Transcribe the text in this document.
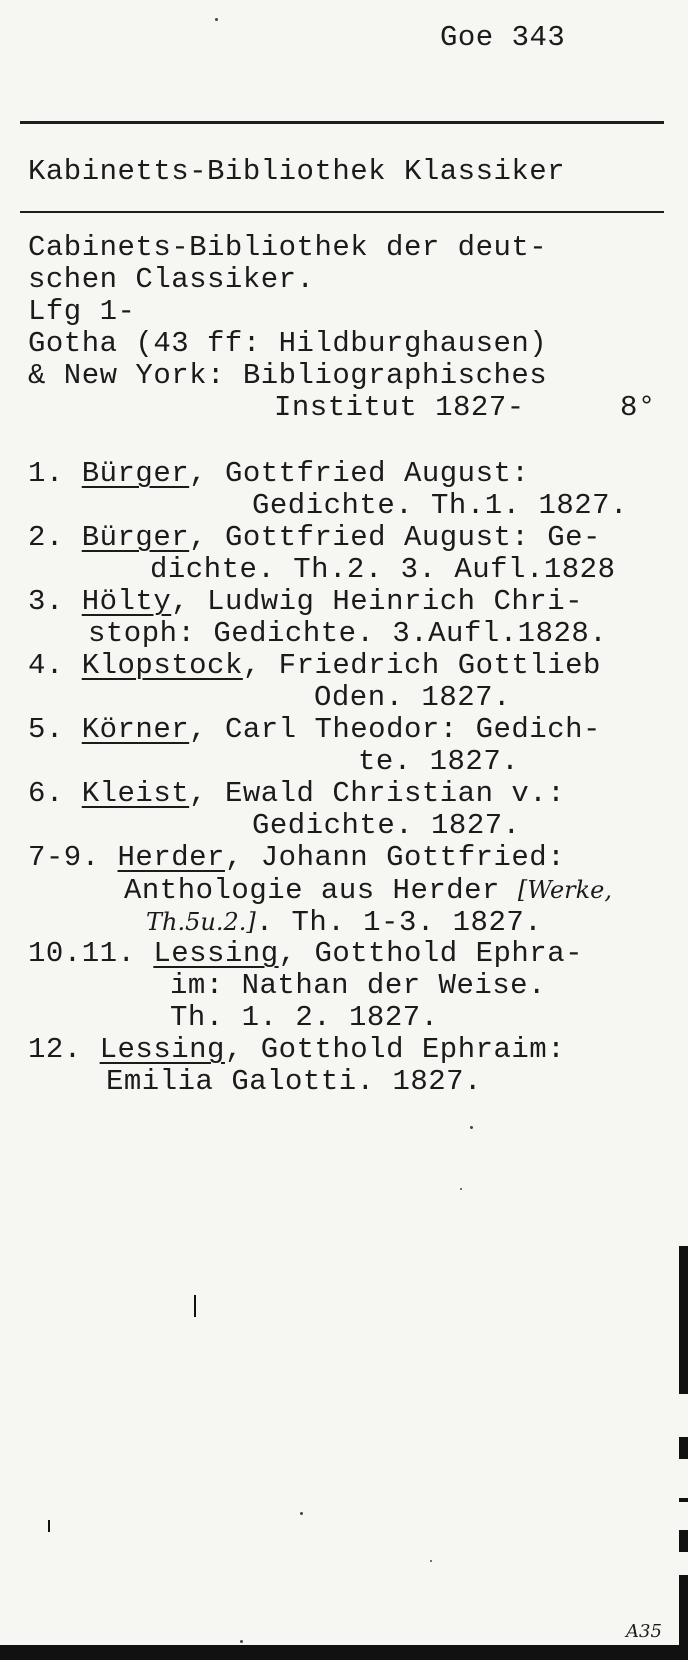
Goe 343
Kabinetts-Bibliothek Klassiker
Cabinets-Bibliothek der deut-
schen Classiker.
Lfg 1-
Gotha (43 ff: Hildburghausen)
& New York: Bibliographisches
Institut 1827-	8°
1. Bürger, Gottfried August:
Gedichte. Th.1. 1827.
2. Bürger, Gottfried August: Ge-
dichte. Th.2. 3. Aufl.1828
3. Hölty, Ludwig Heinrich Chri-
stoph: Gedichte. 3.Aufl.1828.
4. Klopstock, Friedrich Gottlieb
Oden. 1827.
5. Körner, Carl Theodor: Gedich-
te. 1827.
6. Kleist, Ewald Christian v.:
Gedichte. 1827.
7-9. Herder, Johann Gottfried:
Anthologie aus Herder [Werke,
Th.5u.2.]. Th. 1-3. 1827.
10.11. Lessing, Gotthold Ephra-
im: Nathan der Weise.
Th. 1. 2. 1827.
12. Lessing, Gotthold Ephraim:
Emilia Galotti. 1827.
A35
